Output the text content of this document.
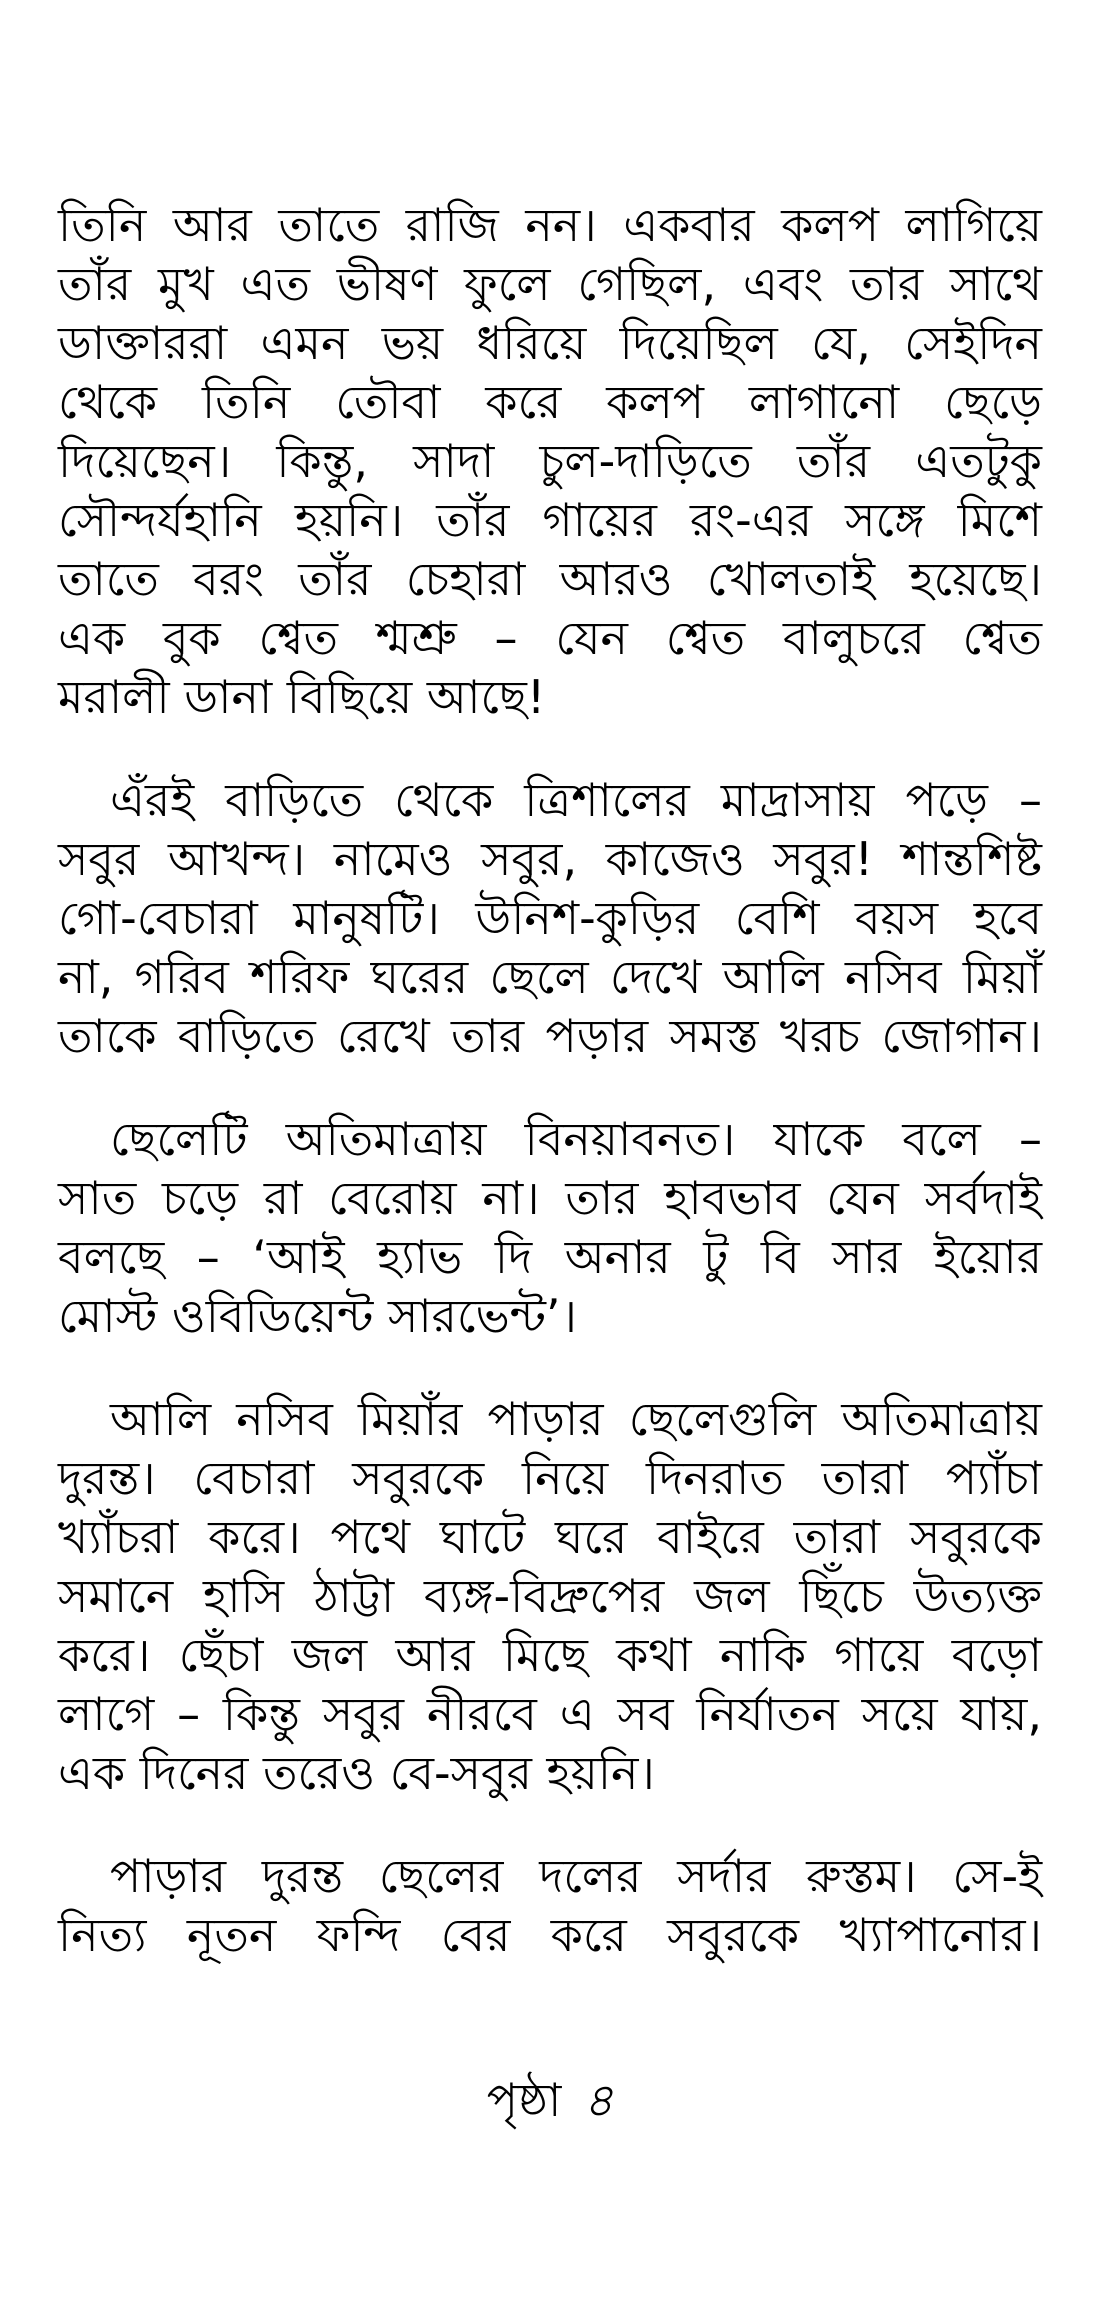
তিনি আর তাতে রাজি নন। একবার কলপ লাগিয়ে
তাঁর মুখ এত ভীষণ ফুলে গেছিল, এবং তার সাথে
ডাক্তাররা এমন ভয় ধরিয়ে দিয়েছিল যে, সেইদিন
থেকে তিনি তৌবা করে কলপ লাগানো ছেড়ে
দিয়েছেন। কিন্তু, সাদা চুল-দাড়িতে তাঁর এতটুকু
সৌন্দর্যহানি হয়নি। তাঁর গায়ের রং-এর সঙ্গে মিশে
তাতে বরং তাঁর চেহারা আরও খোলতাই হয়েছে।
এক বুক শ্বেত শ্মশ্রু – যেন শ্বেত বালুচরে শ্বেত
মরালী ডানা বিছিয়ে আছে!
এঁরই বাড়িতে থেকে ত্রিশালের মাদ্রাসায় পড়ে –
সবুর আখন্দ। নামেও সবুর, কাজেও সবুর! শান্তশিষ্ট
গো-বেচারা মানুষটি। উনিশ-কুড়ির বেশি বয়স হবে
না, গরিব শরিফ ঘরের ছেলে দেখে আলি নসিব মিয়াঁ
তাকে বাড়িতে রেখে তার পড়ার সমস্ত খরচ জোগান।
ছেলেটি অতিমাত্রায় বিনয়াবনত। যাকে বলে –
সাত চড়ে রা বেরোয় না। তার হাবভাব যেন সর্বদাই
বলছে – ‘আই হ্যাভ দি অনার টু বি সার ইয়োর
মোস্ট ওবিডিয়েন্ট সারভেন্ট’।
আলি নসিব মিয়াঁর পাড়ার ছেলেগুলি অতিমাত্রায়
দুরন্ত। বেচারা সবুরকে নিয়ে দিনরাত তারা প্যাঁচা
খ্যাঁচরা করে। পথে ঘাটে ঘরে বাইরে তারা সবুরকে
সমানে হাসি ঠাট্টা ব্যঙ্গ-বিদ্রুপের জল ছিঁচে উত্যক্ত
করে। ছেঁচা জল আর মিছে কথা নাকি গায়ে বড়ো
লাগে – কিন্তু সবুর নীরবে এ সব নির্যাতন সয়ে যায়,
এক দিনের তরেও বে-সবুর হয়নি।
পাড়ার দুরন্ত ছেলের দলের সর্দার রুস্তম। সে-ই
নিত্য নূতন ফন্দি বের করে সবুরকে খ্যাপানোর।
পৃষ্ঠা ৪
